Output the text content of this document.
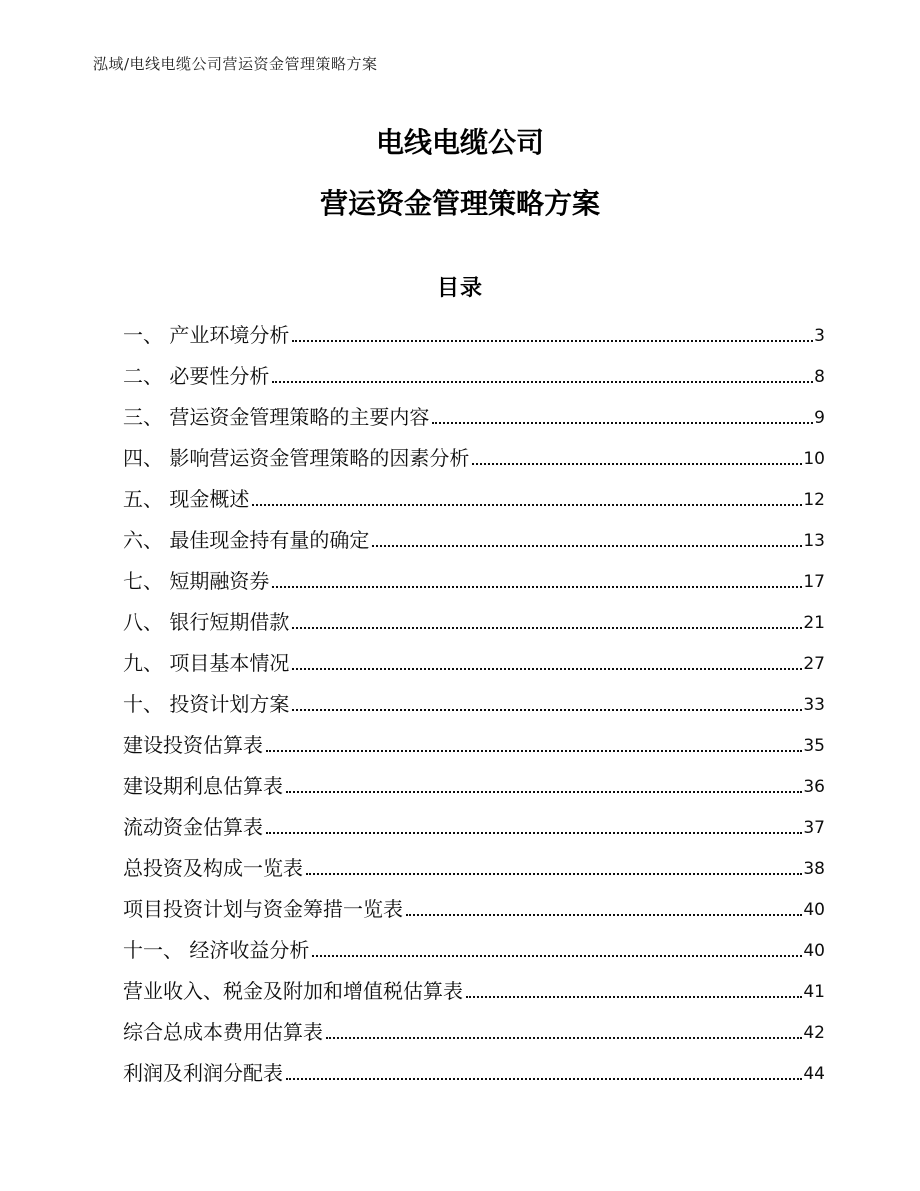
泓域/电线电缆公司营运资金管理策略方案
电线电缆公司
营运资金管理策略方案
目录
一、 产业环境分析	3
二、 必要性分析	8
三、 营运资金管理策略的主要内容	9
四、 影响营运资金管理策略的因素分析	10
五、 现金概述	12
六、 最佳现金持有量的确定	13
七、 短期融资券	17
八、 银行短期借款	21
九、 项目基本情况	27
十、 投资计划方案	33
建设投资估算表	35
建设期利息估算表	36
流动资金估算表	37
总投资及构成一览表	38
项目投资计划与资金筹措一览表	40
十一、 经济收益分析	40
营业收入、税金及附加和增值税估算表	41
综合总成本费用估算表	42
利润及利润分配表	44
